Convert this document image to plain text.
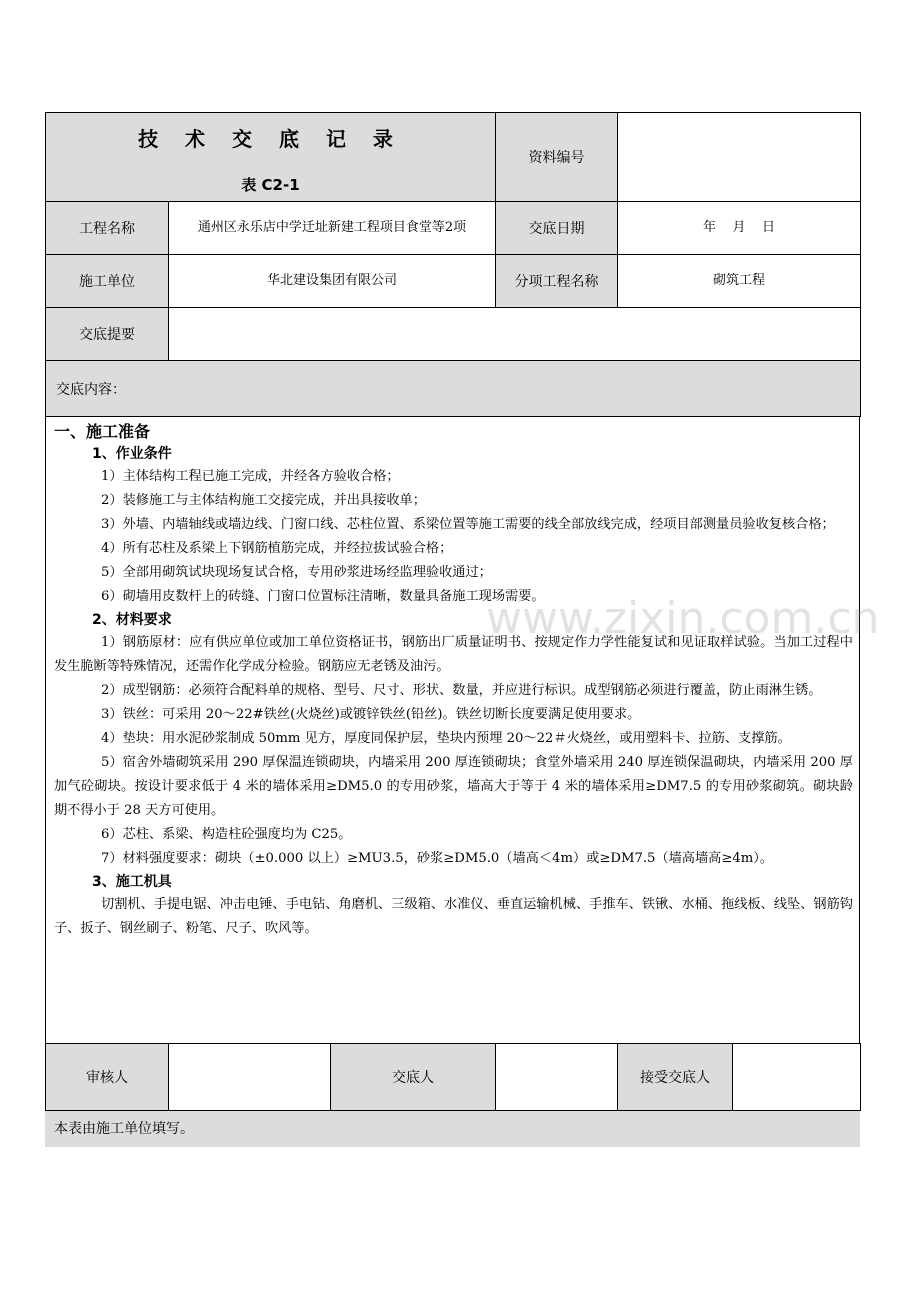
技 术 交 底 记 录
表 C2-1		资料编号	
工程名称	通州区永乐店中学迁址新建工程项目食堂等2项	交底日期	年    月    日
施工单位	华北建设集团有限公司	分项工程名称	砌筑工程
交底提要			
交底内容：			
一、施工准备
1、作业条件

1）主体结构工程已施工完成，并经各方验收合格；

2）装修施工与主体结构施工交接完成，并出具接收单；

3）外墙、内墙轴线或墙边线、门窗口线、芯柱位置、系梁位置等施工需要的线全部放线完成，经项目部测量员验收复核合格；

4）所有芯柱及系梁上下钢筋植筋完成，并经拉拔试验合格；

5）全部用砌筑试块现场复试合格，专用砂浆进场经监理验收通过；

6）砌墙用皮数杆上的砖缝、门窗口位置标注清晰，数量具备施工现场需要。

2、材料要求

1）钢筋原材：应有供应单位或加工单位资格证书，钢筋出厂质量证明书、按规定作力学性能复试和见证取样试验。当加工过程中发生脆断等特殊情况，还需作化学成分检验。钢筋应无老锈及油污。

2）成型钢筋：必须符合配料单的规格、型号、尺寸、形状、数量，并应进行标识。成型钢筋必须进行覆盖，防止雨淋生锈。

3）铁丝：可采用 20～22#铁丝(火烧丝)或镀锌铁丝(铅丝)。铁丝切断长度要满足使用要求。

4）垫块：用水泥砂浆制成 50mm 见方，厚度同保护层，垫块内预埋 20～22＃火烧丝，或用塑料卡、拉筋、支撑筋。

5）宿舍外墙砌筑采用 290 厚保温连锁砌块，内墙采用 200 厚连锁砌块；食堂外墙采用 240 厚连锁保温砌块，内墙采用 200 厚加气砼砌块。按设计要求低于 4 米的墙体采用≥DM5.0 的专用砂浆，墙高大于等于 4 米的墙体采用≥DM7.5 的专用砂浆砌筑。砌块龄期不得小于 28 天方可使用。

6）芯柱、系梁、构造柱砼强度均为 C25。

7）材料强度要求：砌块（±0.000 以上）≥MU3.5，砂浆≥DM5.0（墙高＜4m）或≥DM7.5（墙高墙高≥4m）。

3、施工机具

切割机、手提电锯、冲击电锤、手电钻、角磨机、三级箱、水准仪、垂直运输机械、手推车、铁锹、水桶、拖线板、线坠、钢筋钩子、扳子、钢丝刷子、粉笔、尺子、吹风等。

www.zixin.com.cn
审核人		交底人		接受交底人	
本表由施工单位填写。
